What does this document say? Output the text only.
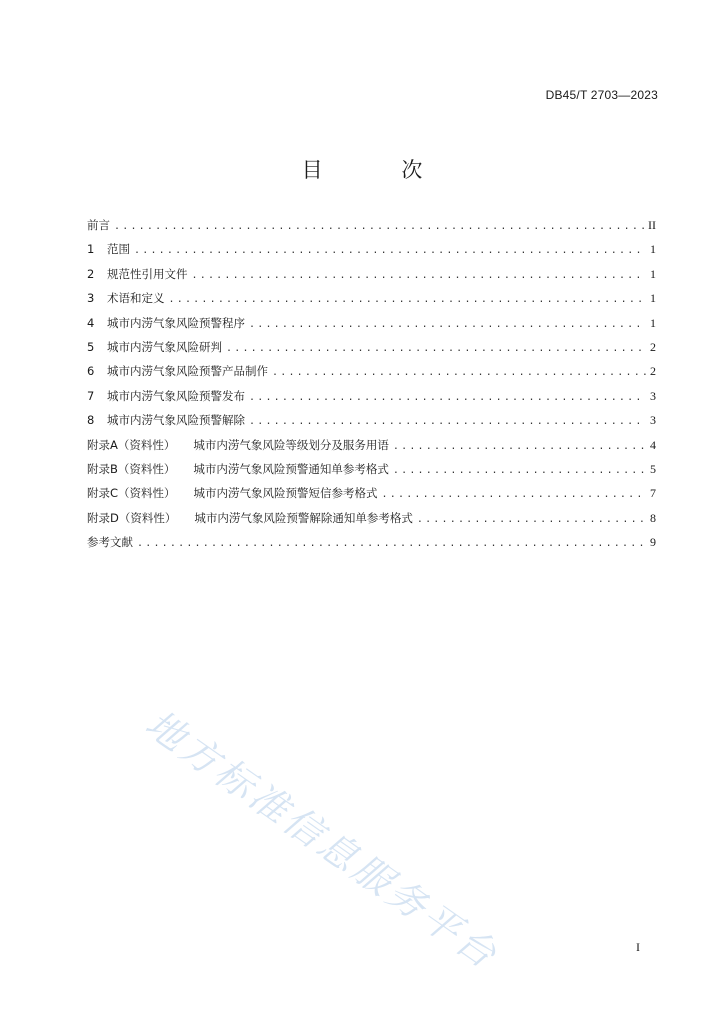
DB45/T 2703—2023
目 次
前言 .....	II
1	范围 .....	1
2	规范性引用文件 .....	1
3	术语和定义 .....	1
4	城市内涝气象风险预警程序 .....	1
5	城市内涝气象风险研判 .....	2
6	城市内涝气象风险预警产品制作 .....	2
7	城市内涝气象风险预警发布 .....	3
8	城市内涝气象风险预警解除 .....	3
附录A（资料性） 城市内涝气象风险等级划分及服务用语 .....	4
附录B（资料性） 城市内涝气象风险预警通知单参考格式 .....	5
附录C（资料性） 城市内涝气象风险预警短信参考格式 .....	7
附录D（资料性） 城市内涝气象风险预警解除通知单参考格式 .....	8
参考文献 .....	9
地方标准信息服务平台	I
